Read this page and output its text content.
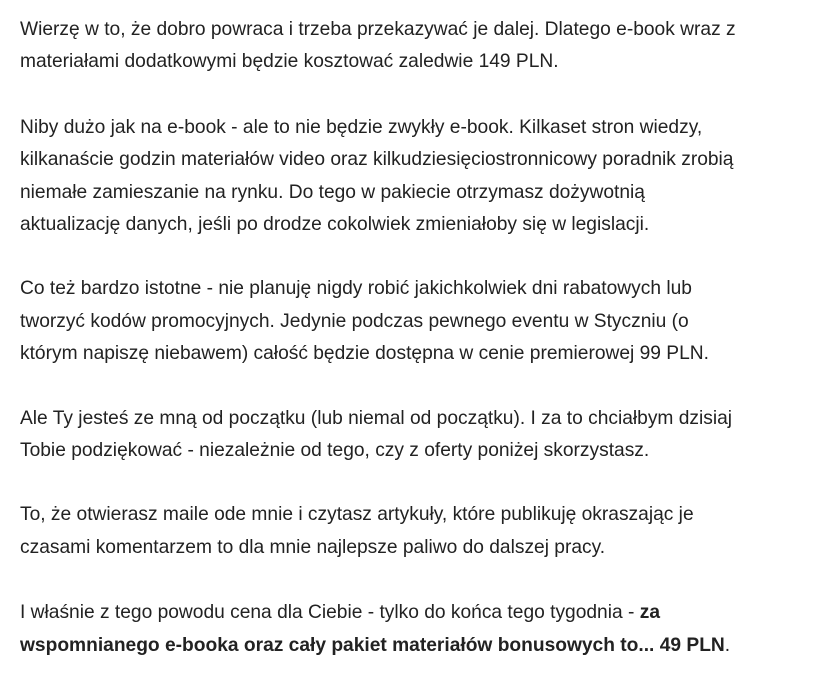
Wierzę w to, że dobro powraca i trzeba przekazywać je dalej. Dlatego e-book wraz z
materiałami dodatkowymi będzie kosztować zaledwie 149 PLN.

Niby dużo jak na e-book - ale to nie będzie zwykły e-book. Kilkaset stron wiedzy,
kilkanaście godzin materiałów video oraz kilkudziesięciostronnicowy poradnik zrobią
niemałe zamieszanie na rynku. Do tego w pakiecie otrzymasz dożywotnią
aktualizację danych, jeśli po drodze cokolwiek zmieniałoby się w legislacji.

Co też bardzo istotne - nie planuję nigdy robić jakichkolwiek dni rabatowych lub
tworzyć kodów promocyjnych. Jedynie podczas pewnego eventu w Styczniu (o
którym napiszę niebawem) całość będzie dostępna w cenie premierowej 99 PLN.

Ale Ty jesteś ze mną od początku (lub niemal od początku). I za to chciałbym dzisiaj
Tobie podziękować - niezależnie od tego, czy z oferty poniżej skorzystasz.

To, że otwierasz maile ode mnie i czytasz artykuły, które publikuję okraszając je
czasami komentarzem to dla mnie najlepsze paliwo do dalszej pracy.

I właśnie z tego powodu cena dla Ciebie - tylko do końca tego tygodnia - za
wspomnianego e-booka oraz cały pakiet materiałów bonusowych to... 49 PLN.
